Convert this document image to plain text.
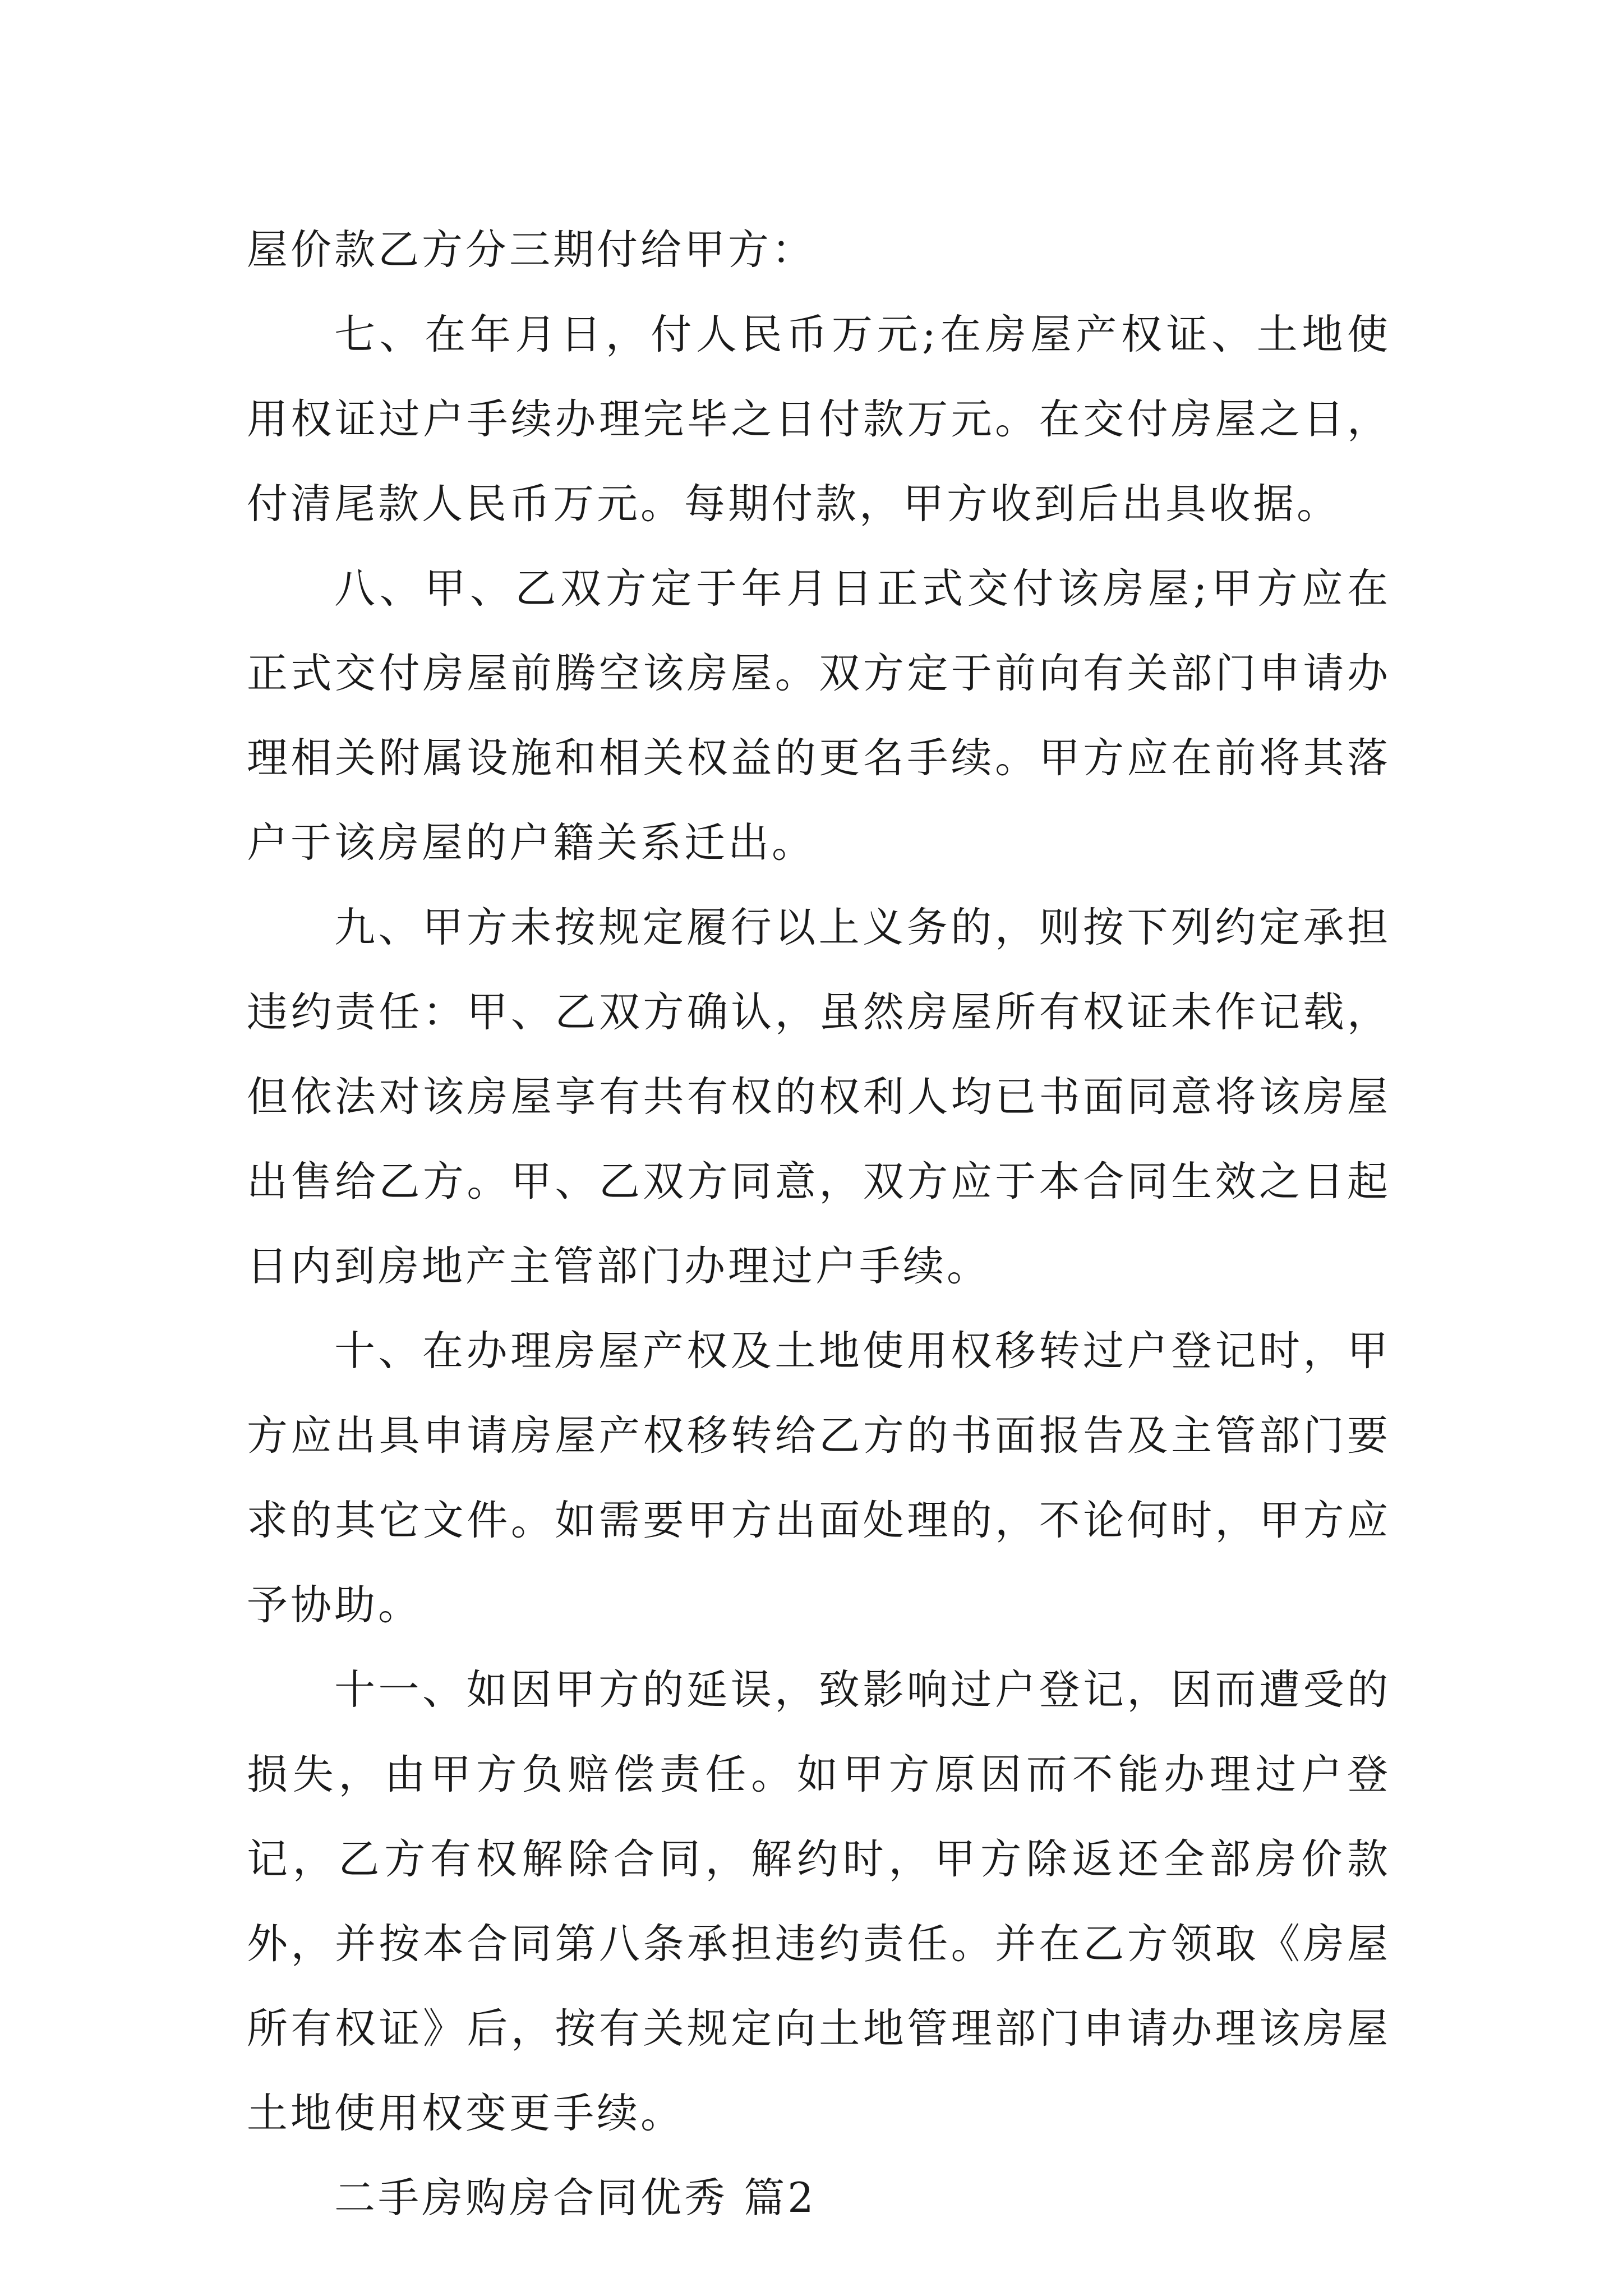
屋价款乙方分三期付给甲方：

七、在年月日，付人民币万元;在房屋产权证、土地使用权证过户手续办理完毕之日付款万元。在交付房屋之日，付清尾款人民币万元。每期付款，甲方收到后出具收据。

八、甲、乙双方定于年月日正式交付该房屋;甲方应在正式交付房屋前腾空该房屋。双方定于前向有关部门申请办理相关附属设施和相关权益的更名手续。甲方应在前将其落户于该房屋的户籍关系迁出。

九、甲方未按规定履行以上义务的，则按下列约定承担违约责任：甲、乙双方确认，虽然房屋所有权证未作记载，但依法对该房屋享有共有权的权利人均已书面同意将该房屋出售给乙方。甲、乙双方同意，双方应于本合同生效之日起日内到房地产主管部门办理过户手续。

十、在办理房屋产权及土地使用权移转过户登记时，甲方应出具申请房屋产权移转给乙方的书面报告及主管部门要求的其它文件。如需要甲方出面处理的，不论何时，甲方应予协助。

十一、如因甲方的延误，致影响过户登记，因而遭受的损失，由甲方负赔偿责任。如甲方原因而不能办理过户登记，乙方有权解除合同，解约时，甲方除返还全部房价款外，并按本合同第八条承担违约责任。并在乙方领取《房屋所有权证》后，按有关规定向土地管理部门申请办理该房屋土地使用权变更手续。

二手房购房合同优秀 篇2
